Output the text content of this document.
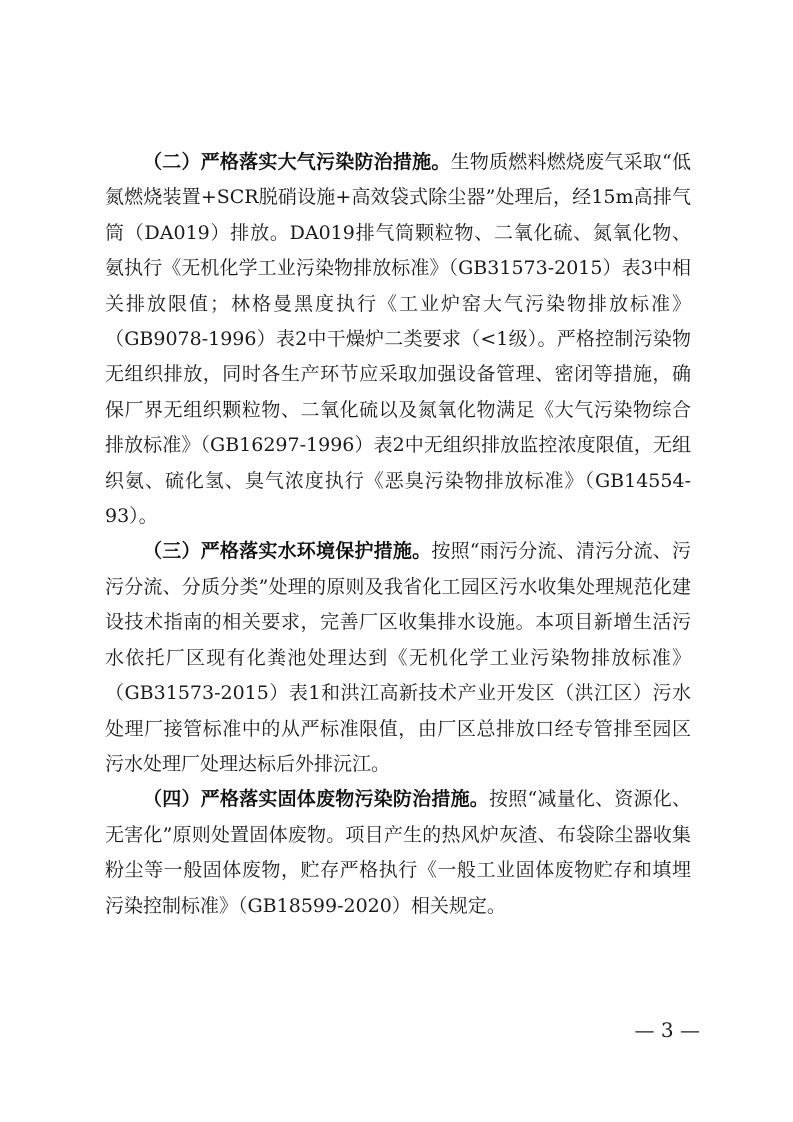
（二）严格落实大气污染防治措施。生物质燃料燃烧废气采取“低氮燃烧装置+SCR脱硝设施+高效袋式除尘器”处理后，经15m高排气筒（DA019）排放。DA019排气筒颗粒物、二氧化硫、氮氧化物、氨执行《无机化学工业污染物排放标准》（GB31573-2015）表3中相关排放限值；林格曼黑度执行《工业炉窑大气污染物排放标准》（GB9078-1996）表2中干燥炉二类要求（<1级）。严格控制污染物无组织排放，同时各生产环节应采取加强设备管理、密闭等措施，确保厂界无组织颗粒物、二氧化硫以及氮氧化物满足《大气污染物综合排放标准》（GB16297-1996）表2中无组织排放监控浓度限值，无组织氨、硫化氢、臭气浓度执行《恶臭污染物排放标准》（GB14554-93）。

（三）严格落实水环境保护措施。按照“雨污分流、清污分流、污污分流、分质分类”处理的原则及我省化工园区污水收集处理规范化建设技术指南的相关要求，完善厂区收集排水设施。本项目新增生活污水依托厂区现有化粪池处理达到《无机化学工业污染物排放标准》（GB31573-2015）表1和洪江高新技术产业开发区（洪江区）污水处理厂接管标准中的从严标准限值，由厂区总排放口经专管排至园区污水处理厂处理达标后外排沅江。

（四）严格落实固体废物污染防治措施。按照“减量化、资源化、无害化”原则处置固体废物。项目产生的热风炉灰渣、布袋除尘器收集粉尘等一般固体废物，贮存严格执行《一般工业固体废物贮存和填埋污染控制标准》（GB18599-2020）相关规定。

— 3 —
